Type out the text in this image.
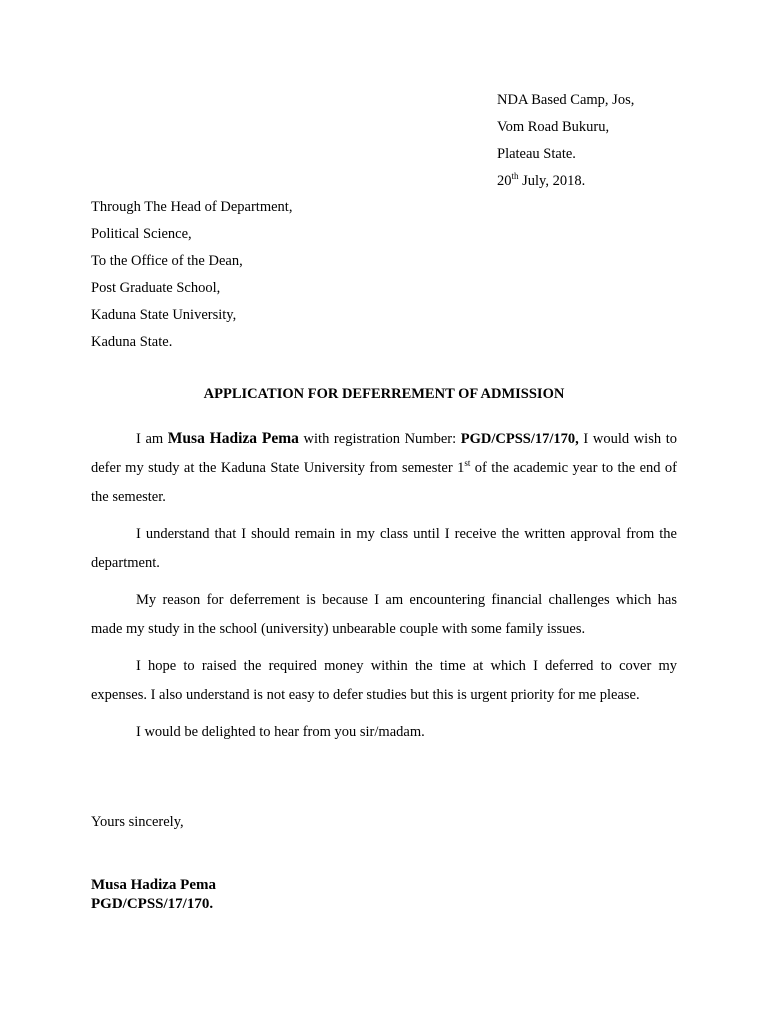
NDA Based Camp, Jos,
Vom Road Bukuru,
Plateau State.
20th July, 2018.
Through The Head of Department,
Political Science,
To the Office of the Dean,
Post Graduate School,
Kaduna State University,
Kaduna State.
APPLICATION FOR DEFERREMENT OF ADMISSION

I am Musa Hadiza Pema with registration Number: PGD/CPSS/17/170, I would wish to defer my study at the Kaduna State University from semester 1st of the academic year to the end of the semester.

I understand that I should remain in my class until I receive the written approval from the department.

My reason for deferrement is because I am encountering financial challenges which has made my study in the school (university) unbearable couple with some family issues.

I hope to raised the required money within the time at which I deferred to cover my expenses. I also understand is not easy to defer studies but this is urgent priority for me please.

I would be delighted to hear from you sir/madam.

Yours sincerely,
Musa Hadiza Pema
PGD/CPSS/17/170.
